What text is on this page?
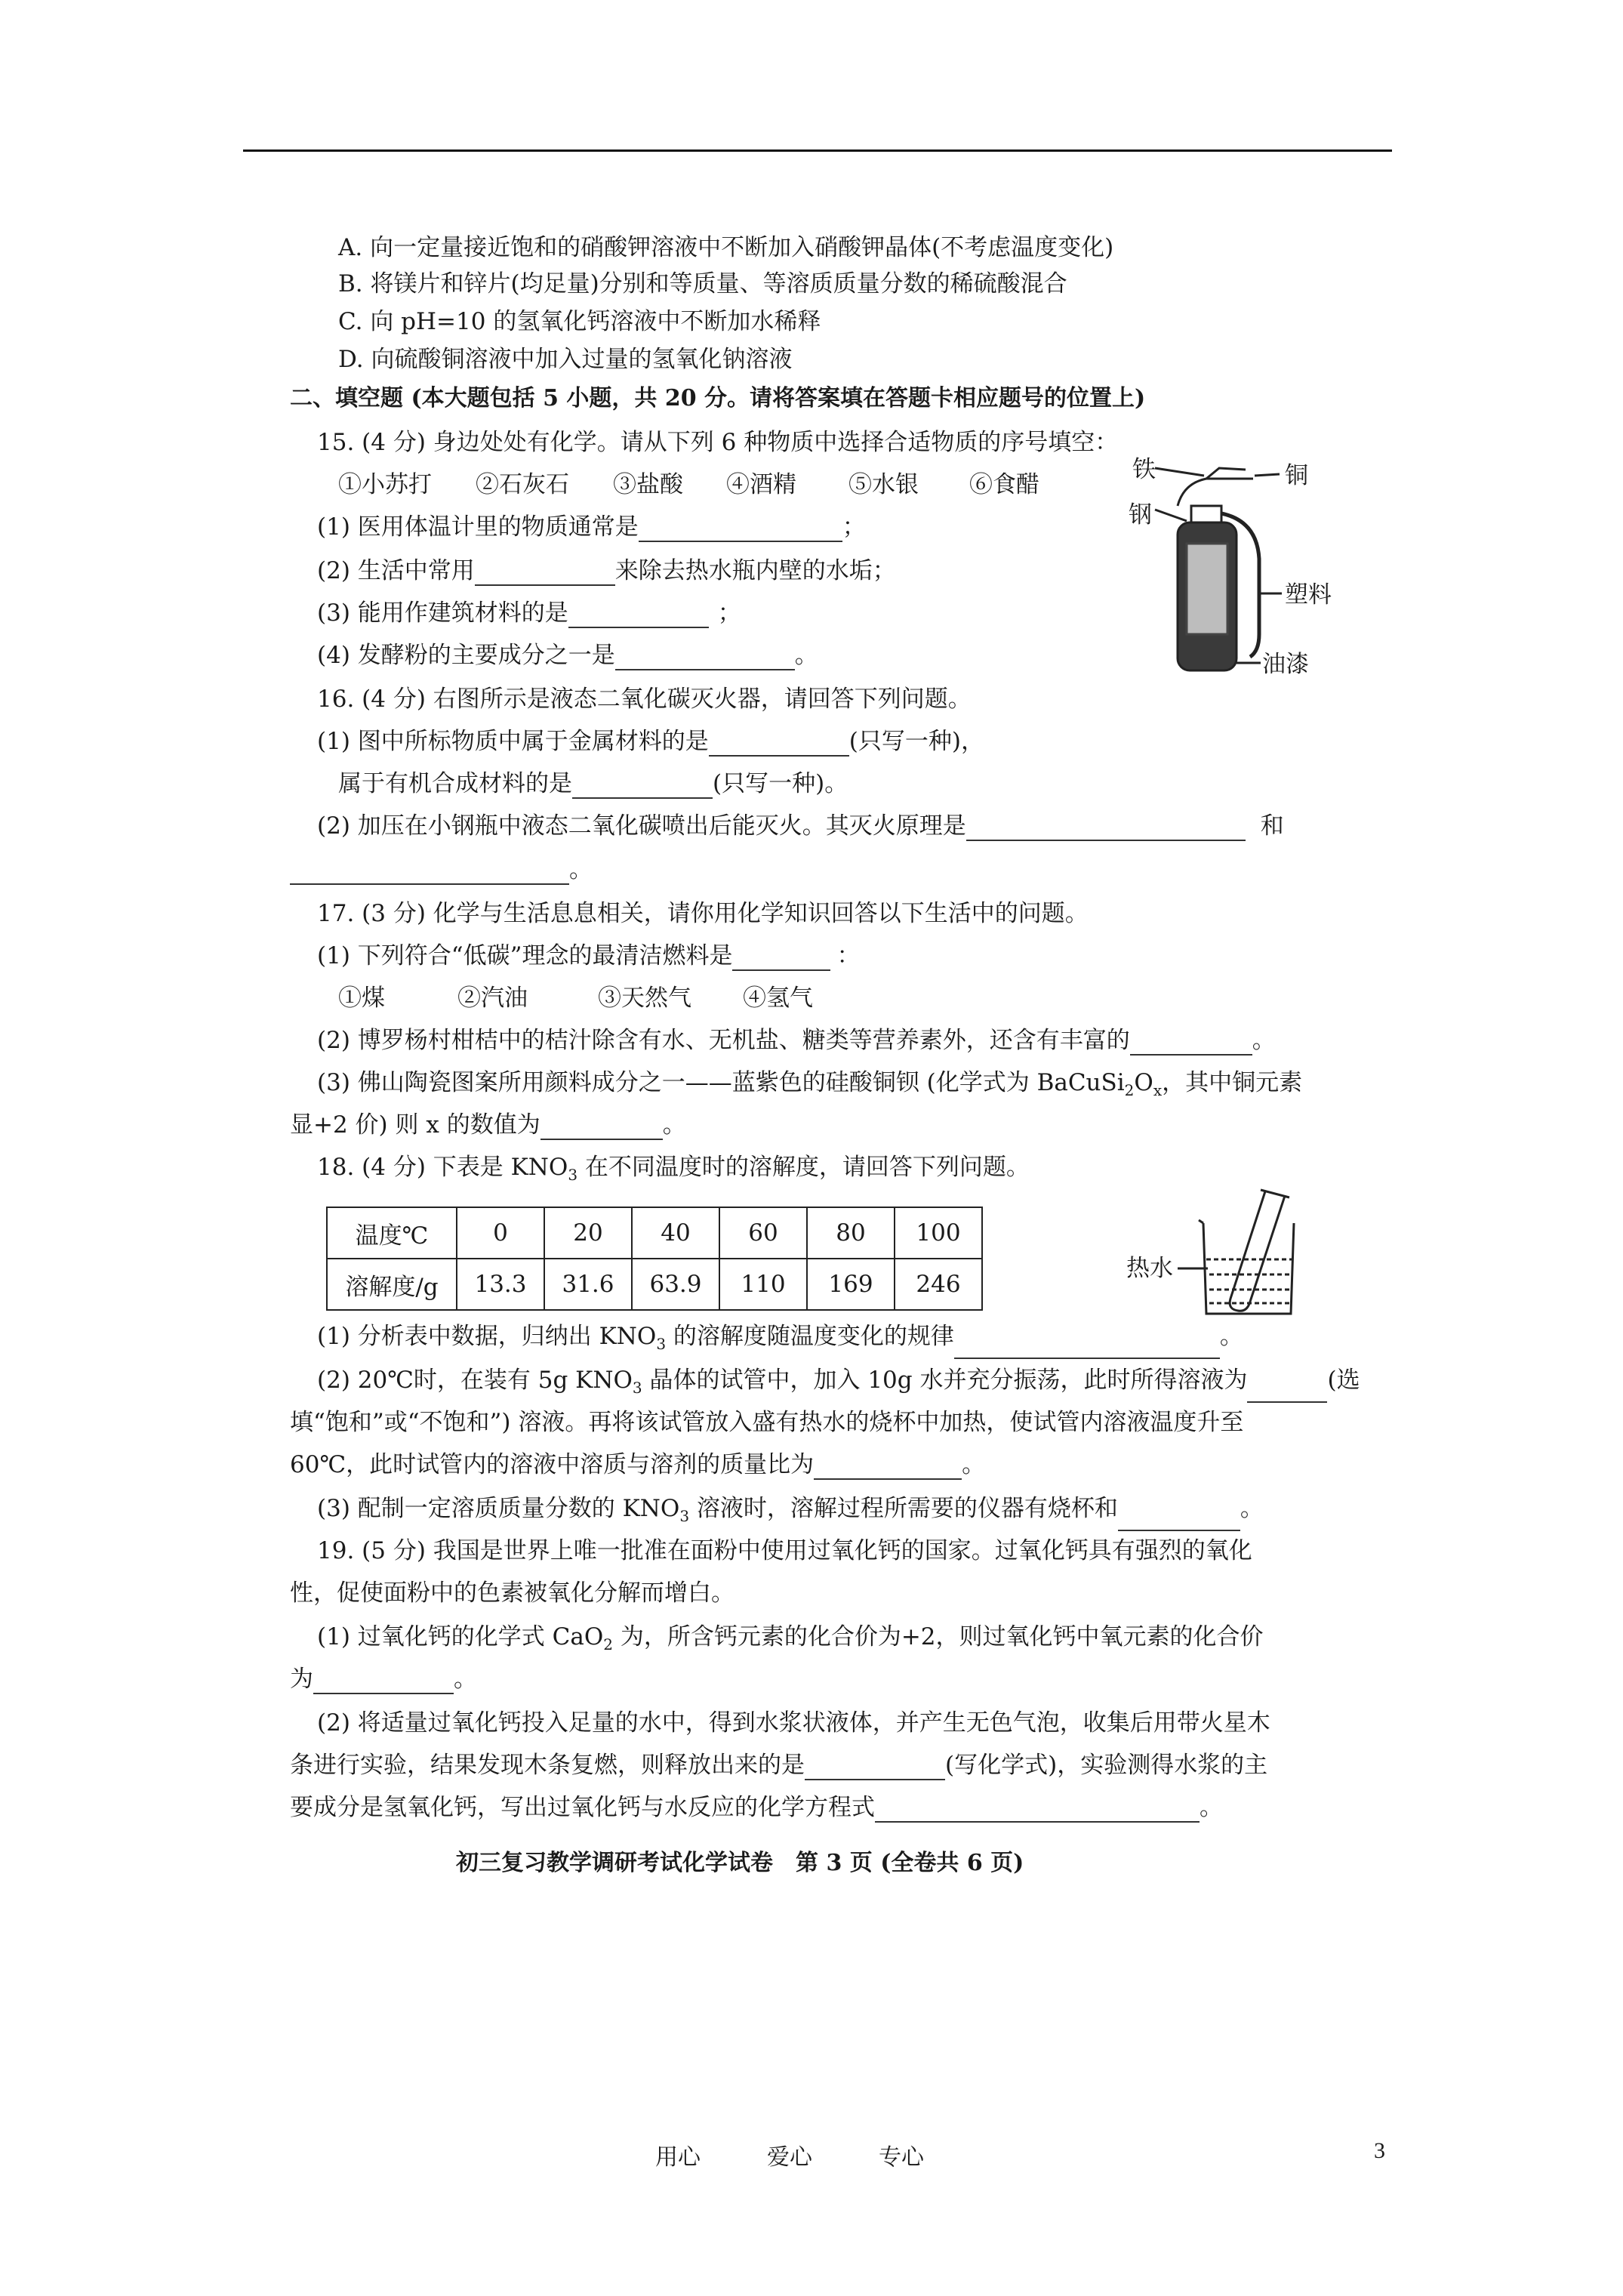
A. 向一定量接近饱和的硝酸钾溶液中不断加入硝酸钾晶体(不考虑温度变化)
B. 将镁片和锌片(均足量)分别和等质量、等溶质质量分数的稀硫酸混合
C. 向 pH=10 的氢氧化钙溶液中不断加水稀释
D. 向硫酸铜溶液中加入过量的氢氧化钠溶液
二、填空题 (本大题包括 5 小题，共 20 分。请将答案填在答题卡相应题号的位置上)
15. (4 分) 身边处处有化学。请从下列 6 种物质中选择合适物质的序号填空：
①小苏打 ②石灰石 ③盐酸 ④酒精 ⑤水银 ⑥食醋
(1) 医用体温计里的物质通常是	；
(2) 生活中常用	来除去热水瓶内壁的水垢；
(3) 能用作建筑材料的是	；
(4) 发酵粉的主要成分之一是	。
铁	铜
钢
塑料
油漆
16. (4 分) 右图所示是液态二氧化碳灭火器，请回答下列问题。
(1) 图中所标物质中属于金属材料的是	(只写一种)，
属于有机合成材料的是	(只写一种)。
(2) 加压在小钢瓶中液态二氧化碳喷出后能灭火。其灭火原理是	和
。
17. (3 分) 化学与生活息息相关，请你用化学知识回答以下生活中的问题。
(1) 下列符合“低碳”理念的最清洁燃料是	：
①煤	②汽油	③天然气 ④氢气
(2) 博罗杨村柑桔中的桔汁除含有水、无机盐、糖类等营养素外，还含有丰富的	。
(3) 佛山陶瓷图案所用颜料成分之一——蓝紫色的硅酸铜钡 (化学式为 $BaCuSi_2O_x$，其中铜元素
显+2 价) 则 x 的数值为	。
18. (4 分) 下表是 $KNO_3$ 在不同温度时的溶解度，请回答下列问题。
温度℃	0	20	40	60	80	100
溶解度/g	13.3	31.6	63.9	110	169	246
热水
(1) 分析表中数据，归纳出 $KNO_3$ 的溶解度随温度变化的规律	。
(2) 20℃时，在装有 5g $KNO_3$ 晶体的试管中，加入 10g 水并充分振荡，此时所得溶液为	(选
填“饱和”或“不饱和”) 溶液。再将该试管放入盛有热水的烧杯中加热，使试管内溶液温度升至
60℃，此时试管内的溶液中溶质与溶剂的质量比为	。
(3) 配制一定溶质质量分数的 $KNO_3$ 溶液时，溶解过程所需要的仪器有烧杯和	。
19. (5 分) 我国是世界上唯一批准在面粉中使用过氧化钙的国家。过氧化钙具有强烈的氧化
性，促使面粉中的色素被氧化分解而增白。
(1) 过氧化钙的化学式 CaO$_2$ 为，所含钙元素的化合价为+2，则过氧化钙中氧元素的化合价
为	。
(2) 将适量过氧化钙投入足量的水中，得到水浆状液体，并产生无色气泡，收集后用带火星木
条进行实验，结果发现木条复燃，则释放出来的是	(写化学式)，实验测得水浆的主
要成分是氢氧化钙，写出过氧化钙与水反应的化学方程式	。
初三复习教学调研考试化学试卷　第 3 页 (全卷共 6 页)
用心	爱心	专心	3
